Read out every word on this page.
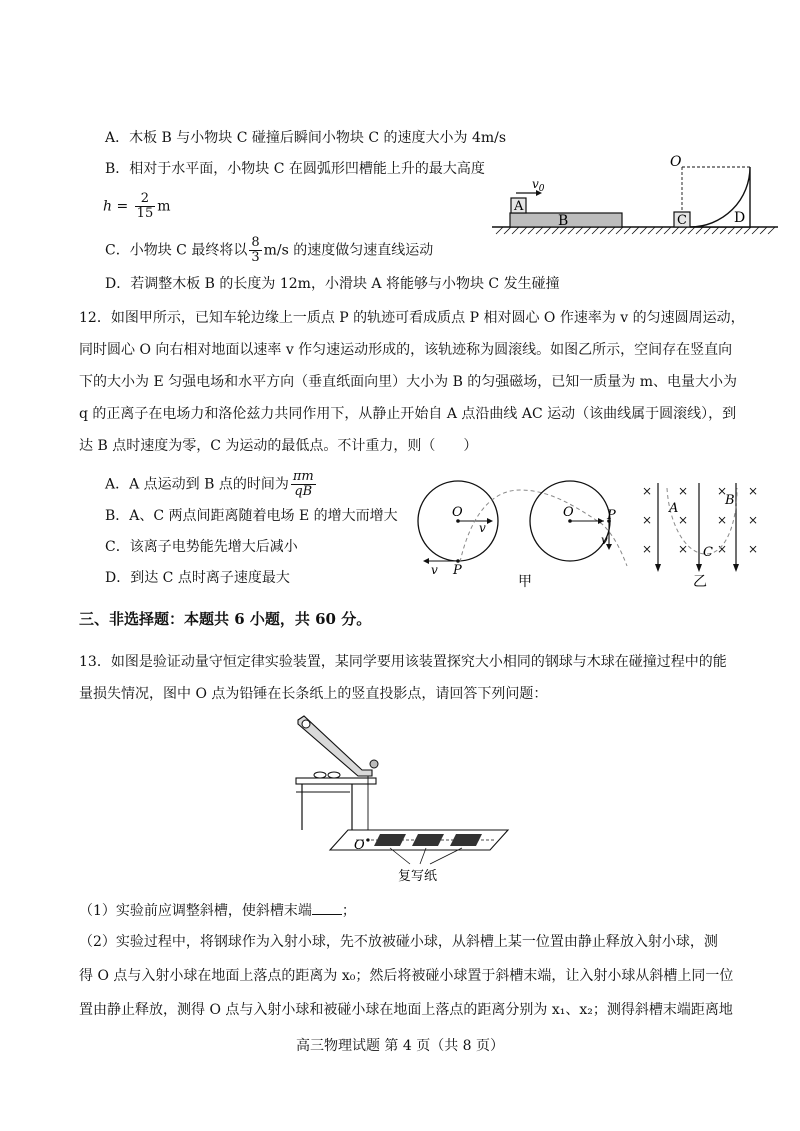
A．木板 B 与小物块 C 碰撞后瞬间小物块 C 的速度大小为 4m/s
B．相对于水平面，小物块 C 在圆弧形凹槽能上升的最大高度
$h = \frac{2}{15}$ m
C．小物块 C 最终将以 $\frac{8}{3} m/s$ 的速度做匀速直线运动
D．若调整木板 B 的长度为 12m，小滑块 A 将能够与小物块 C 发生碰撞
B
A
$v_0$
C
O
D
12．如图甲所示，已知车轮边缘上一质点 P 的轨迹可看成质点 P 相对圆心 O 作速率为 v 的匀速圆周运动，
同时圆心 O 向右相对地面以速率 v 作匀速运动形成的，该轨迹称为圆滚线。如图乙所示，空间存在竖直向
下的大小为 E 匀强电场和水平方向（垂直纸面向里）大小为 B 的匀强磁场，已知一质量为 m、电量大小为
q 的正离子在电场力和洛伦兹力共同作用下，从静止开始自 A 点沿曲线 AC 运动（该曲线属于圆滚线），到
达 B 点时速度为零，C 为运动的最低点。不计重力，则（　　）
A．A 点运动到 B 点的时间为 $\frac{\pi m}{qB}$
B．A、C 两点间距离随着电场 E 的增大而增大
C．该离子电势能先增大后减小
D．到达 C 点时离子速度最大
O
v
v P
O	P
v
甲
×
×
×
×
×
×
×
×
×
×
×
×
A
B
C
乙
三、非选择题：本题共 6 小题，共 60 分。
13．如图是验证动量守恒定律实验装置，某同学要用该装置探究大小相同的钢球与木球在碰撞过程中的能
量损失情况，图中 O 点为铅锤在长条纸上的竖直投影点，请回答下列问题：
O
复写纸
（1）实验前应调整斜槽，使斜槽末端 ；
（2）实验过程中，将钢球作为入射小球，先不放被碰小球，从斜槽上某一位置由静止释放入射小球，测
得 O 点与入射小球在地面上落点的距离为 x₀；然后将被碰小球置于斜槽末端，让入射小球从斜槽上同一位
置由静止释放，测得 O 点与入射小球和被碰小球在地面上落点的距离分别为 x₁、x₂；测得斜槽末端距离地
高三物理试题 第 4 页（共 8 页）
